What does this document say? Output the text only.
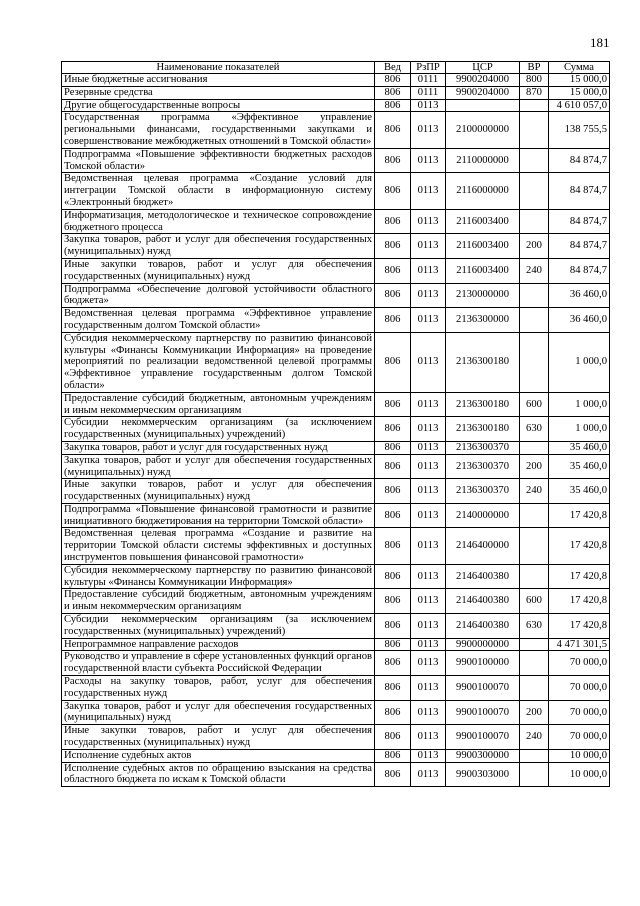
181
Наименование показателей	Вед	РзПР	ЦСР	ВР	Сумма
Иные бюджетные ассигнования	806	0111	9900204000	800	15 000,0
Резервные средства	806	0111	9900204000	870	15 000,0
Другие общегосударственные вопросы	806	0113			4 610 057,0
Государственная программа «Эффективное управление региональными финансами, государственными закупками и совершенствование межбюджетных отношений в Томской области»	806	0113	2100000000		138 755,5
Подпрограмма «Повышение эффективности бюджетных расходов Томской области»	806	0113	2110000000		84 874,7
Ведомственная целевая программа «Создание условий для интеграции Томской области в информационную систему «Электронный бюджет»	806	0113	2116000000		84 874,7
Информатизация, методологическое и техническое сопровождение бюджетного процесса	806	0113	2116003400		84 874,7
Закупка товаров, работ и услуг для обеспечения государственных (муниципальных) нужд	806	0113	2116003400	200	84 874,7
Иные закупки товаров, работ и услуг для обеспечения государственных (муниципальных) нужд	806	0113	2116003400	240	84 874,7
Подпрограмма «Обеспечение долговой устойчивости областного бюджета»	806	0113	2130000000		36 460,0
Ведомственная целевая программа «Эффективное управление государственным долгом Томской области»	806	0113	2136300000		36 460,0
Субсидия некоммерческому партнерству по развитию финансовой культуры «Финансы Коммуникации Информация» на проведение мероприятий по реализации ведомственной целевой программы «Эффективное управление государственным долгом Томской области»	806	0113	2136300180		1 000,0
Предоставление субсидий бюджетным, автономным учреждениям и иным некоммерческим организациям	806	0113	2136300180	600	1 000,0
Субсидии некоммерческим организациям (за исключением государственных (муниципальных) учреждений)	806	0113	2136300180	630	1 000,0
Закупка товаров, работ и услуг для государственных нужд	806	0113	2136300370		35 460,0
Закупка товаров, работ и услуг для обеспечения государственных (муниципальных) нужд	806	0113	2136300370	200	35 460,0
Иные закупки товаров, работ и услуг для обеспечения государственных (муниципальных) нужд	806	0113	2136300370	240	35 460,0
Подпрограмма «Повышение финансовой грамотности и развитие инициативного бюджетирования на территории Томской области»	806	0113	2140000000		17 420,8
Ведомственная целевая программа «Создание и развитие на территории Томской области системы эффективных и доступных инструментов повышения финансовой грамотности»	806	0113	2146400000		17 420,8
Субсидия некоммерческому партнерству по развитию финансовой культуры «Финансы Коммуникации Информация»	806	0113	2146400380		17 420,8
Предоставление субсидий бюджетным, автономным учреждениям и иным некоммерческим организациям	806	0113	2146400380	600	17 420,8
Субсидии некоммерческим организациям (за исключением государственных (муниципальных) учреждений)	806	0113	2146400380	630	17 420,8
Непрограммное направление расходов	806	0113	9900000000		4 471 301,5
Руководство и управление в сфере установленных функций органов государственной власти субъекта Российской Федерации	806	0113	9900100000		70 000,0
Расходы на закупку товаров, работ, услуг для обеспечения государственных нужд	806	0113	9900100070		70 000,0
Закупка товаров, работ и услуг для обеспечения государственных (муниципальных) нужд	806	0113	9900100070	200	70 000,0
Иные закупки товаров, работ и услуг для обеспечения государственных (муниципальных) нужд	806	0113	9900100070	240	70 000,0
Исполнение судебных актов	806	0113	9900300000		10 000,0
Исполнение судебных актов по обращению взыскания на средства областного бюджета по искам к Томской области	806	0113	9900303000		10 000,0
